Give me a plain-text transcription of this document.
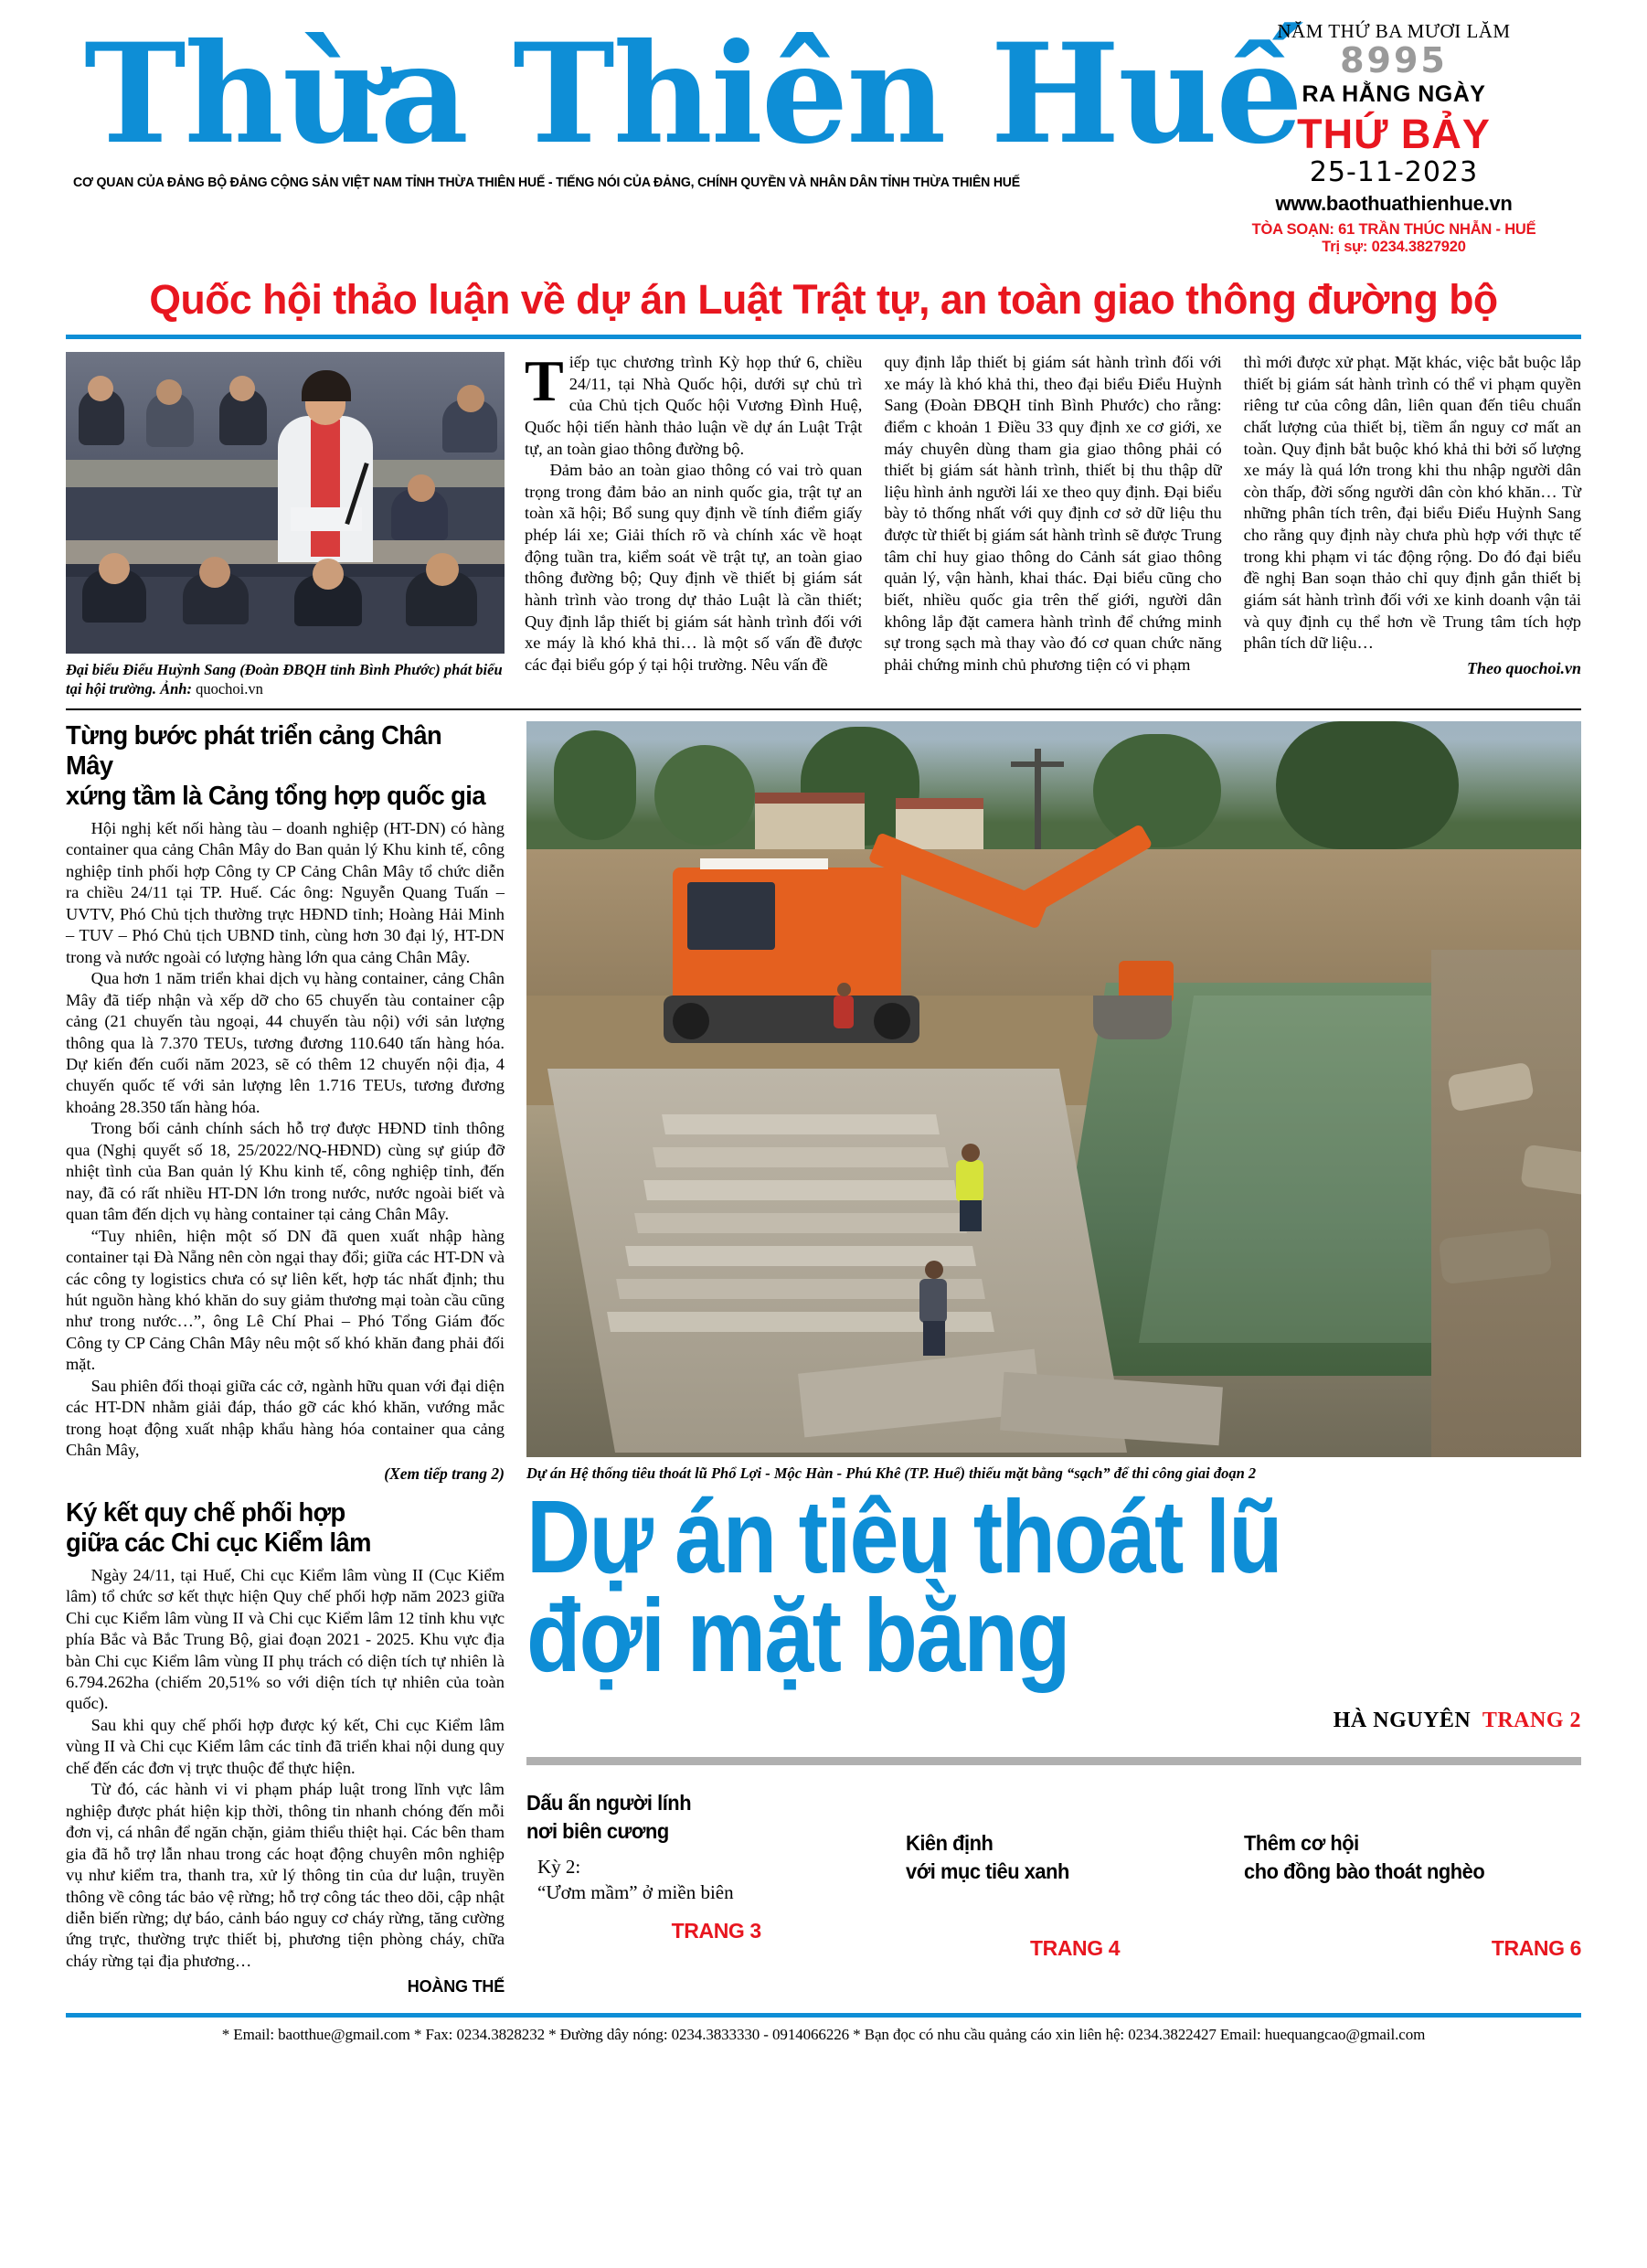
Thừa Thiên Huế
CƠ QUAN CỦA ĐẢNG BỘ ĐẢNG CỘNG SẢN VIỆT NAM TỈNH THỪA THIÊN HUẾ - TIẾNG NÓI CỦA ĐẢNG, CHÍNH QUYỀN VÀ NHÂN DÂN TỈNH THỪA THIÊN HUẾ
NĂM THỨ BA MƯƠI LĂM
8995
RA HẰNG NGÀY
THỨ BẢY
25-11-2023
www.baothuathienhue.vn
TÒA SOẠN: 61 TRẦN THÚC NHẪN - HUẾ
Trị sự: 0234.3827920
Quốc hội thảo luận về dự án Luật Trật tự, an toàn giao thông đường bộ
Đại biểu Điểu Huỳnh Sang (Đoàn ĐBQH tỉnh Bình Phước) phát biểu tại hội trường. Ảnh: quochoi.vn

Tiếp tục chương trình Kỳ họp thứ 6, chiều 24/11, tại Nhà Quốc hội, dưới sự chủ trì của Chủ tịch Quốc hội Vương Đình Huệ, Quốc hội tiến hành thảo luận về dự án Luật Trật tự, an toàn giao thông đường bộ.

Đảm bảo an toàn giao thông có vai trò quan trọng trong đảm bảo an ninh quốc gia, trật tự an toàn xã hội; Bổ sung quy định về tính điểm giấy phép lái xe; Giải thích rõ và chính xác về hoạt động tuần tra, kiểm soát về trật tự, an toàn giao thông đường bộ; Quy định về thiết bị giám sát hành trình vào trong dự thảo Luật là cần thiết; Quy định lắp thiết bị giám sát hành trình đối với xe máy là khó khả thi… là một số vấn đề được các đại biểu góp ý tại hội trường. Nêu vấn đề

quy định lắp thiết bị giám sát hành trình đối với xe máy là khó khả thi, theo đại biểu Điểu Huỳnh Sang (Đoàn ĐBQH tỉnh Bình Phước) cho rằng: điểm c khoản 1 Điều 33 quy định xe cơ giới, xe máy chuyên dùng tham gia giao thông phải có thiết bị giám sát hành trình, thiết bị thu thập dữ liệu hình ảnh người lái xe theo quy định. Đại biểu bày tỏ thống nhất với quy định cơ sở dữ liệu thu được từ thiết bị giám sát hành trình sẽ được Trung tâm chỉ huy giao thông do Cảnh sát giao thông quản lý, vận hành, khai thác. Đại biểu cũng cho biết, nhiều quốc gia trên thế giới, người dân không lắp đặt camera hành trình để chứng minh sự trong sạch mà thay vào đó cơ quan chức năng phải chứng minh chủ phương tiện có vi phạm

thì mới được xử phạt. Mặt khác, việc bắt buộc lắp thiết bị giám sát hành trình có thể vi phạm quyền riêng tư của công dân, liên quan đến tiêu chuẩn chất lượng của thiết bị, tiềm ẩn nguy cơ mất an toàn. Quy định bắt buộc khó khả thi bởi số lượng xe máy là quá lớn trong khi thu nhập người dân còn thấp, đời sống người dân còn khó khăn… Từ những phân tích trên, đại biểu Điểu Huỳnh Sang cho rằng quy định này chưa phù hợp với thực tế trong khi phạm vi tác động rộng. Do đó đại biểu đề nghị Ban soạn thảo chỉ quy định gắn thiết bị giám sát hành trình đối với xe kinh doanh vận tải và quy định cụ thể hơn về Trung tâm tích hợp phân tích dữ liệu…

Theo quochoi.vn
Từng bước phát triển cảng Chân Mây
xứng tầm là Cảng tổng hợp quốc gia

Hội nghị kết nối hàng tàu – doanh nghiệp (HT-DN) có hàng container qua cảng Chân Mây do Ban quản lý Khu kinh tế, công nghiệp tỉnh phối hợp Công ty CP Cảng Chân Mây tổ chức diễn ra chiều 24/11 tại TP. Huế. Các ông: Nguyễn Quang Tuấn – UVTV, Phó Chủ tịch thường trực HĐND tỉnh; Hoàng Hải Minh – TUV – Phó Chủ tịch UBND tỉnh, cùng hơn 30 đại lý, HT-DN trong và nước ngoài có lượng hàng lớn qua cảng Chân Mây.

Qua hơn 1 năm triển khai dịch vụ hàng container, cảng Chân Mây đã tiếp nhận và xếp dỡ cho 65 chuyến tàu container cập cảng (21 chuyến tàu ngoại, 44 chuyến tàu nội) với sản lượng thông qua là 7.370 TEUs, tương đương 110.640 tấn hàng hóa. Dự kiến đến cuối năm 2023, sẽ có thêm 12 chuyến nội địa, 4 chuyến quốc tế với sản lượng lên 1.716 TEUs, tương đương khoảng 28.350 tấn hàng hóa.

Trong bối cảnh chính sách hỗ trợ được HĐND tỉnh thông qua (Nghị quyết số 18, 25/2022/NQ-HĐND) cùng sự giúp đỡ nhiệt tình của Ban quản lý Khu kinh tế, công nghiệp tỉnh, đến nay, đã có rất nhiều HT-DN lớn trong nước, nước ngoài biết và quan tâm đến dịch vụ hàng container tại cảng Chân Mây.

“Tuy nhiên, hiện một số DN đã quen xuất nhập hàng container tại Đà Nẵng nên còn ngại thay đổi; giữa các HT-DN và các công ty logistics chưa có sự liên kết, hợp tác nhất định; thu hút nguồn hàng khó khăn do suy giảm thương mại toàn cầu cũng như trong nước…”, ông Lê Chí Phai – Phó Tổng Giám đốc Công ty CP Cảng Chân Mây nêu một số khó khăn đang phải đối mặt.

Sau phiên đối thoại giữa các cở, ngành hữu quan với đại diện các HT-DN nhằm giải đáp, tháo gỡ các khó khăn, vướng mắc trong hoạt động xuất nhập khẩu hàng hóa container qua cảng Chân Mây,

(Xem tiếp trang 2)
Ký kết quy chế phối hợp
giữa các Chi cục Kiểm lâm

Ngày 24/11, tại Huế, Chi cục Kiểm lâm vùng II (Cục Kiểm lâm) tổ chức sơ kết thực hiện Quy chế phối hợp năm 2023 giữa Chi cục Kiểm lâm vùng II và Chi cục Kiểm lâm 12 tỉnh khu vực phía Bắc và Bắc Trung Bộ, giai đoạn 2021 - 2025. Khu vực địa bàn Chi cục Kiểm lâm vùng II phụ trách có diện tích tự nhiên là 6.794.262ha (chiếm 20,51% so với diện tích tự nhiên của toàn quốc).

Sau khi quy chế phối hợp được ký kết, Chi cục Kiểm lâm vùng II và Chi cục Kiểm lâm các tỉnh đã triển khai nội dung quy chế đến các đơn vị trực thuộc để thực hiện.

Từ đó, các hành vi vi phạm pháp luật trong lĩnh vực lâm nghiệp được phát hiện kịp thời, thông tin nhanh chóng đến mỗi đơn vị, cá nhân để ngăn chặn, giảm thiểu thiệt hại. Các bên tham gia đã hỗ trợ lẫn nhau trong các hoạt động chuyên môn nghiệp vụ như kiểm tra, thanh tra, xử lý thông tin của dư luận, truyền thông về công tác bảo vệ rừng; hỗ trợ công tác theo dõi, cập nhật diễn biến rừng; dự báo, cảnh báo nguy cơ cháy rừng, tăng cường ứng trực, thường trực thiết bị, phương tiện phòng cháy, chữa cháy rừng tại địa phương…

HOÀNG THẾ
Dự án Hệ thống tiêu thoát lũ Phổ Lợi - Mộc Hàn - Phú Khê (TP. Huế) thiếu mặt bằng “sạch” để thi công giai đoạn 2
Dự án tiêu thoát lũ
đợi mặt bằng
HÀ NGUYÊN TRANG 2
Dấu ấn người lính
nơi biên cương
Kỳ 2:
“Ươm mầm” ở miền biên
TRANG 3
Kiên định
với mục tiêu xanh
TRANG 4
Thêm cơ hội
cho đồng bào thoát nghèo
TRANG 6
* Email: baotthue@gmail.com * Fax: 0234.3828232 * Đường dây nóng: 0234.3833330 - 0914066226 * Bạn đọc có nhu cầu quảng cáo xin liên hệ: 0234.3822427 Email: huequangcao@gmail.com
